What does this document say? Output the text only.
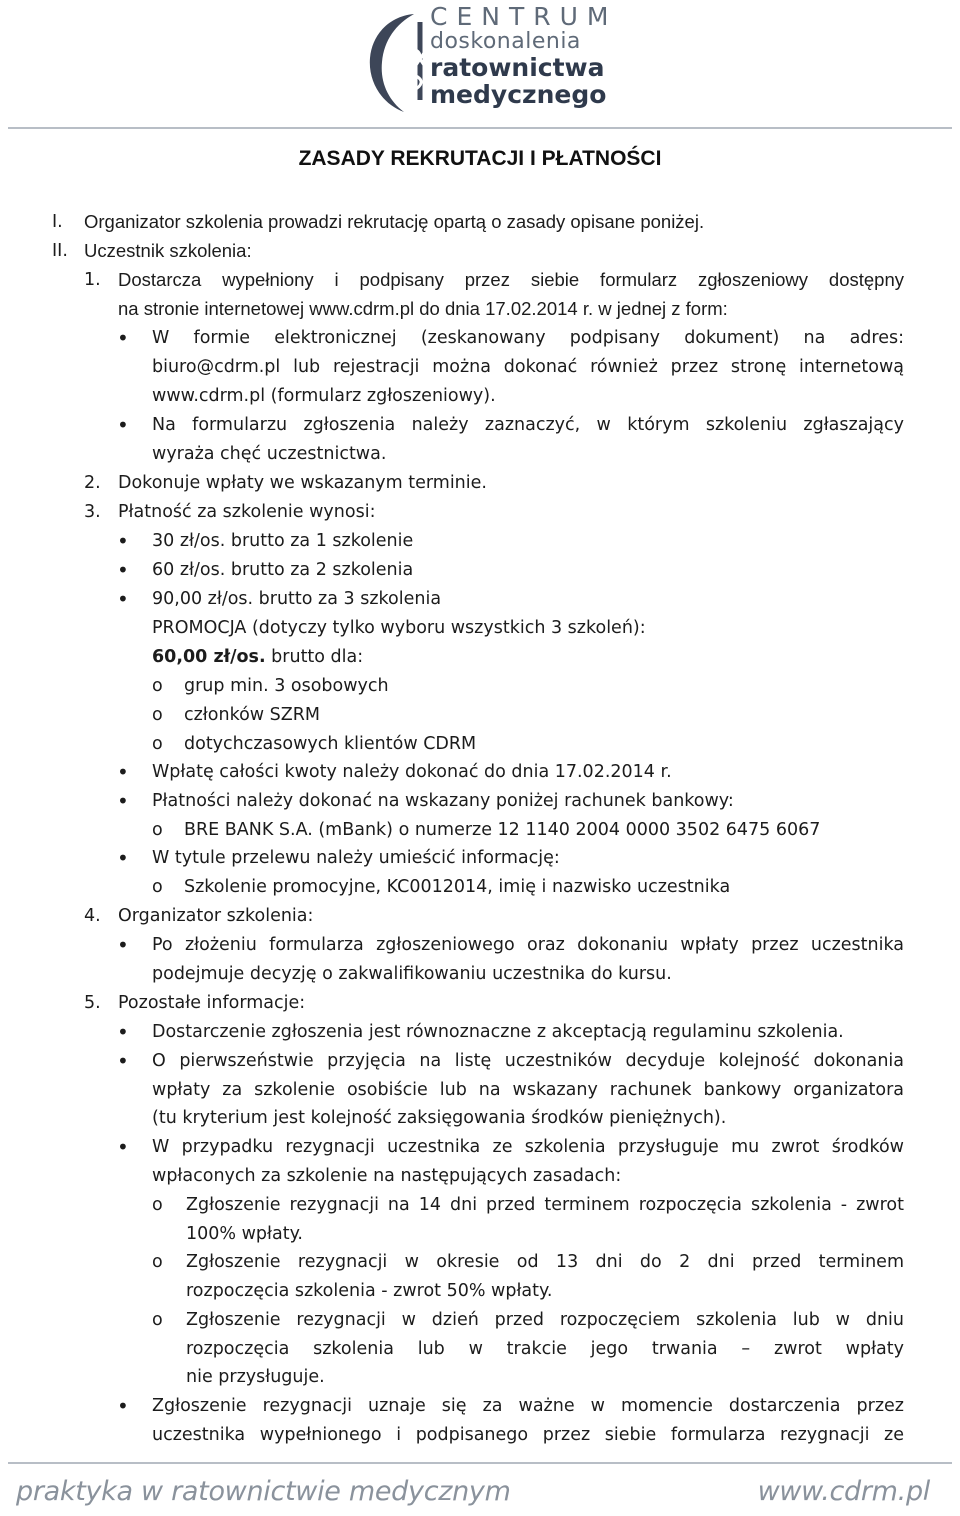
CENTRUM
doskonalenia
ratownictwa
medycznego
ZASADY REKRUTACJI I PŁATNOŚCI
I. Organizator szkolenia prowadzi rekrutację opartą o zasady opisane poniżej.
II. Uczestnik szkolenia:
1. Dostarcza wypełniony i podpisany przez siebie formularz zgłoszeniowy dostępny
na stronie internetowej www.cdrm.pl do dnia 17.02.2014 r. w jednej z form:
• W formie elektronicznej (zeskanowany podpisany dokument) na adres:
biuro@cdrm.pl lub rejestracji można dokonać również przez stronę internetową
www.cdrm.pl (formularz zgłoszeniowy).
• Na formularzu zgłoszenia należy zaznaczyć, w którym szkoleniu zgłaszający
wyraża chęć uczestnictwa.
2. Dokonuje wpłaty we wskazanym terminie.
3. Płatność za szkolenie wynosi:
• 30 zł/os. brutto za 1 szkolenie
• 60 zł/os. brutto za 2 szkolenia
• 90,00 zł/os. brutto za 3 szkolenia
PROMOCJA (dotyczy tylko wyboru wszystkich 3 szkoleń):
60,00 zł/os. brutto dla:
o grup min. 3 osobowych
o członków SZRM
o dotychczasowych klientów CDRM
• Wpłatę całości kwoty należy dokonać do dnia 17.02.2014 r.
• Płatności należy dokonać na wskazany poniżej rachunek bankowy:
o BRE BANK S.A. (mBank) o numerze 12 1140 2004 0000 3502 6475 6067
• W tytule przelewu należy umieścić informację:
o Szkolenie promocyjne, KC0012014, imię i nazwisko uczestnika
4. Organizator szkolenia:
• Po złożeniu formularza zgłoszeniowego oraz dokonaniu wpłaty przez uczestnika
podejmuje decyzję o zakwalifikowaniu uczestnika do kursu.
5. Pozostałe informacje:
• Dostarczenie zgłoszenia jest równoznaczne z akceptacją regulaminu szkolenia.
• O pierwszeństwie przyjęcia na listę uczestników decyduje kolejność dokonania
wpłaty za szkolenie osobiście lub na wskazany rachunek bankowy organizatora
(tu kryterium jest kolejność zaksięgowania środków pieniężnych).
• W przypadku rezygnacji uczestnika ze szkolenia przysługuje mu zwrot środków
wpłaconych za szkolenie na następujących zasadach:
o Zgłoszenie rezygnacji na 14 dni przed terminem rozpoczęcia szkolenia - zwrot
100% wpłaty.
o Zgłoszenie rezygnacji w okresie od 13 dni do 2 dni przed terminem
rozpoczęcia szkolenia - zwrot 50% wpłaty.
o Zgłoszenie rezygnacji w dzień przed rozpoczęciem szkolenia lub w dniu
rozpoczęcia szkolenia lub w trakcie jego trwania – zwrot wpłaty
nie przysługuje.
• Zgłoszenie rezygnacji uznaje się za ważne w momencie dostarczenia przez
uczestnika wypełnionego i podpisanego przez siebie formularza rezygnacji ze
praktyka w ratownictwie medycznym	www.cdrm.pl
